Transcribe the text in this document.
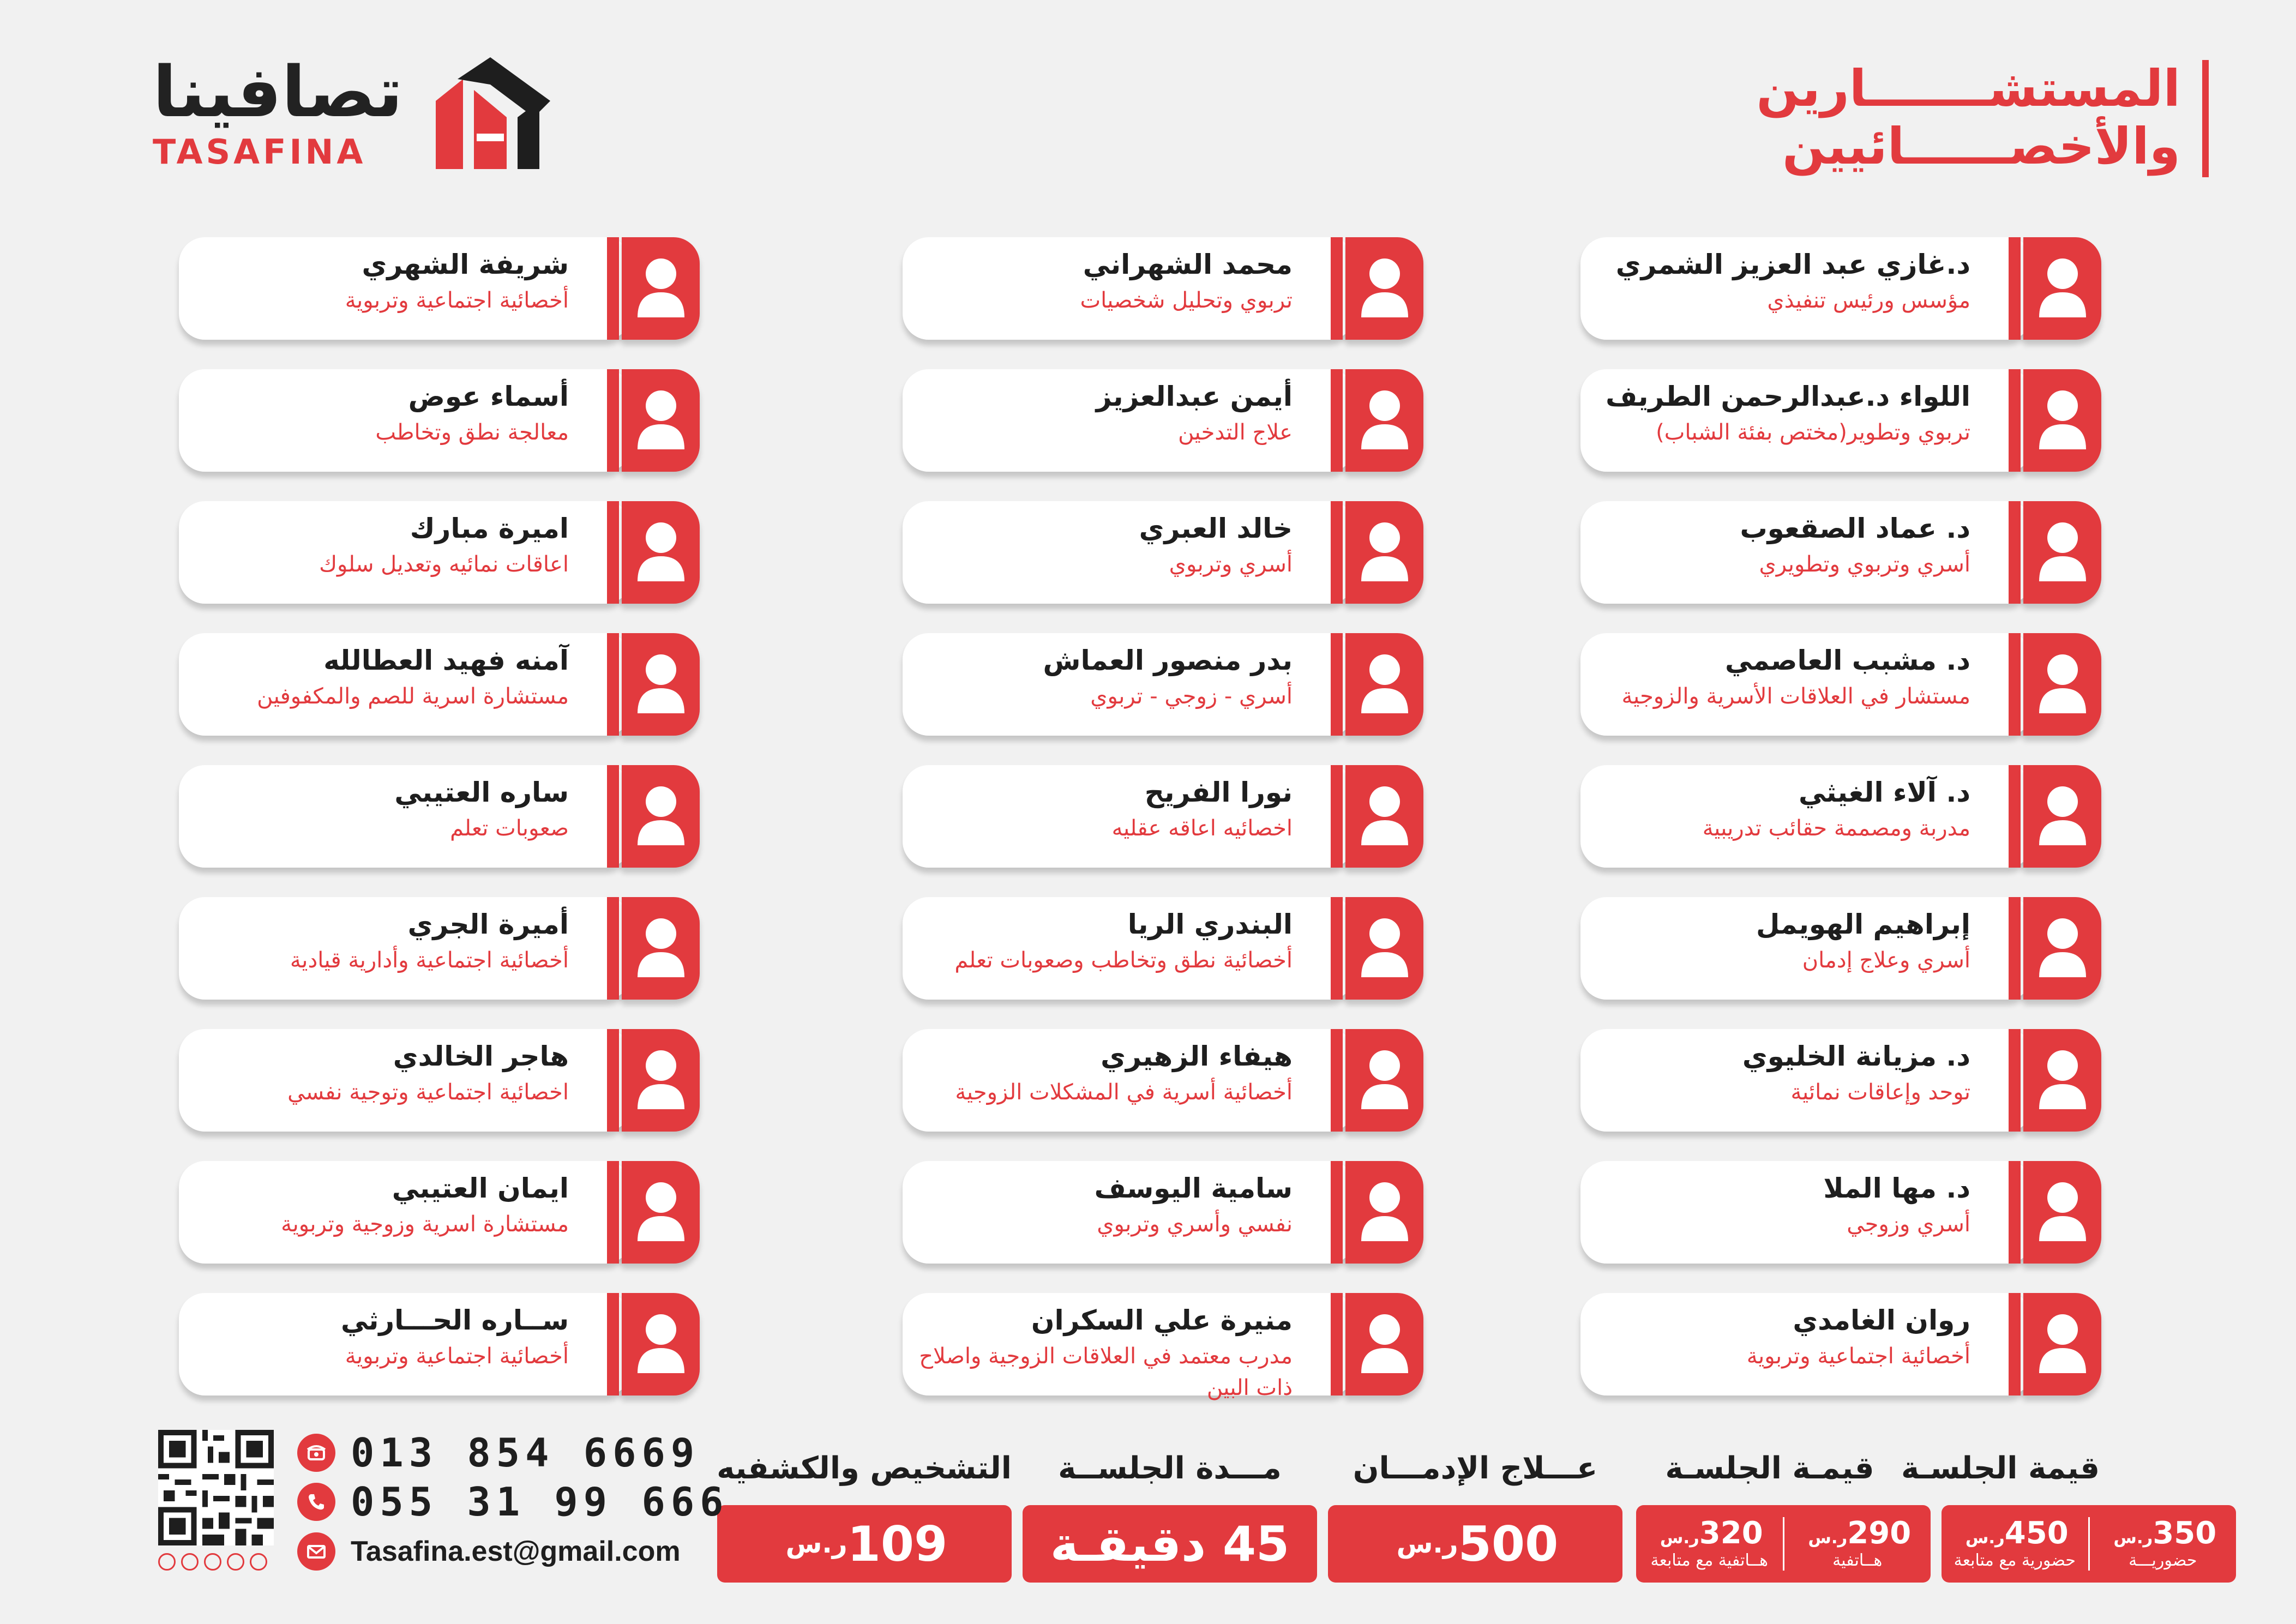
المستشـــــــارين
والأخصــــــائيين
تصافينا
TASAFINA
د.غازي عبد العزيز الشمري
مؤسس ورئيس تنفيذي
اللواء د.عبدالرحمن الطريف
تربوي وتطوير(مختص بفئة الشباب)
د. عماد الصقعوب
أسري وتربوي وتطويري
د. مشبب العاصمي
مستشار في العلاقات الأسرية والزوجية
د. آلاء الغيثي
مدربة ومصممة حقائب تدريبية
إبراهيم الهويمل
أسري وعلاج إدمان
د. مزيانة الخليوي
توحد وإعاقات نمائية
د. مها الملا
أسري وزوجي
روان الغامدي
أخصائية اجتماعية وتربوية
محمد الشهراني
تربوي وتحليل شخصيات
أيمن عبدالعزيز
علاج التدخين
خالد العبري
أسري وتربوي
بدر منصور العماش
أسري - زوجي - تربوي
نورا الفريح
اخصائيه اعاقه عقليه
البندري الريا
أخصائية نطق وتخاطب وصعوبات تعلم
هيفاء الزهيري
أخصائية أسرية في المشكلات الزوجية
سامية اليوسف
نفسي وأسري وتربوي
منيرة علي السكران
مدرب معتمد في العلاقات الزوجية واصلاح ذات البين
شريفة الشهري
أخصائية اجتماعية وتربوية
أسماء عوض
معالجة نطق وتخاطب
اميرة مبارك
اعاقات نمائيه وتعديل سلوك
آمنه فهيد العطالله
مستشارة اسرية للصم والمكفوفين
ساره العتيبي
صعوبات تعلم
أميرة الجري
أخصائية اجتماعية وأدارية قيادية
هاجر الخالدي
اخصائية اجتماعية وتوجية نفسي
ايمان العتيبي
مستشارة اسرية وزوجية وتربوية
ســاره الحـــارثي
أخصائية اجتماعية وتربوية
قيمة الجلسـة
قيمـة الجلسـة
عـــلاج الإدمـــان
مـــدة الجلســة
التشخيص والكشفيه
350ر.س
حضوريـــة
450ر.س
حضورية مع متابعة
290ر.س
هــاتفية
320ر.س
هــاتفية مع متابعة
500
ر.س
45 دقيقـة
109
ر.س
013 854 6669
055 31 99 666
Tasafina.est@gmail.com
